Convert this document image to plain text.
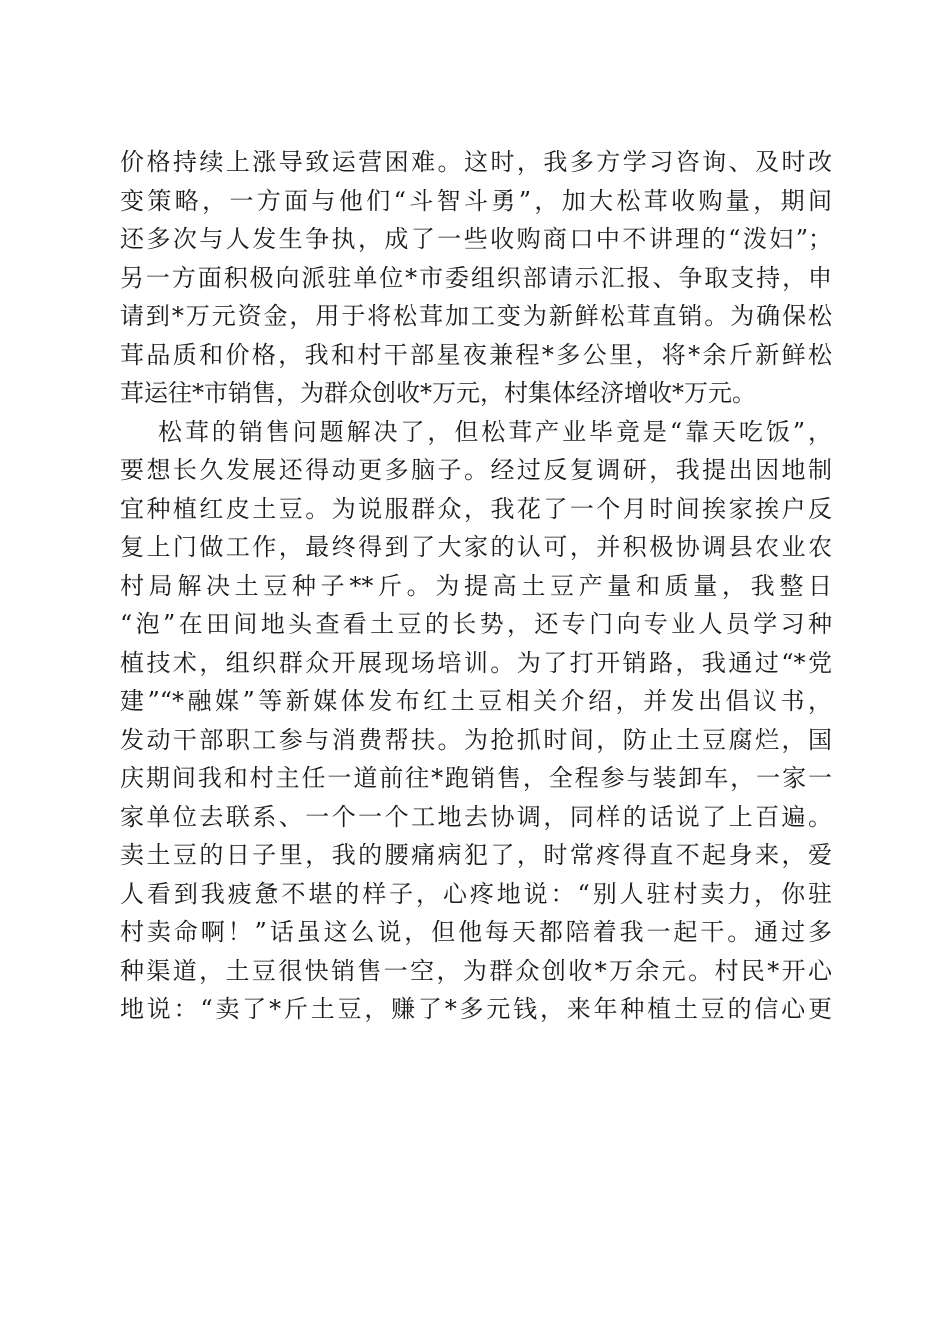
价格持续上涨导致运营困难。这时，我多方学习咨询、及时改
变策略，一方面与他们“斗智斗勇”，加大松茸收购量，期间
还多次与人发生争执，成了一些收购商口中不讲理的“泼妇”；
另一方面积极向派驻单位*市委组织部请示汇报、争取支持，申
请到*万元资金，用于将松茸加工变为新鲜松茸直销。为确保松
茸品质和价格，我和村干部星夜兼程*多公里，将*余斤新鲜松
茸运往*市销售，为群众创收*万元，村集体经济增收*万元。
松茸的销售问题解决了，但松茸产业毕竟是“靠天吃饭”，
要想长久发展还得动更多脑子。经过反复调研，我提出因地制
宜种植红皮土豆。为说服群众，我花了一个月时间挨家挨户反
复上门做工作，最终得到了大家的认可，并积极协调县农业农
村局解决土豆种子**斤。为提高土豆产量和质量，我整日
“泡”在田间地头查看土豆的长势，还专门向专业人员学习种
植技术，组织群众开展现场培训。为了打开销路，我通过“*党
建”“*融媒”等新媒体发布红土豆相关介绍，并发出倡议书，
发动干部职工参与消费帮扶。为抢抓时间，防止土豆腐烂，国
庆期间我和村主任一道前往*跑销售，全程参与装卸车，一家一
家单位去联系、一个一个工地去协调，同样的话说了上百遍。
卖土豆的日子里，我的腰痛病犯了，时常疼得直不起身来，爱
人看到我疲惫不堪的样子，心疼地说：“别人驻村卖力，你驻
村卖命啊！”话虽这么说，但他每天都陪着我一起干。通过多
种渠道，土豆很快销售一空，为群众创收*万余元。村民*开心
地说：“卖了*斤土豆，赚了*多元钱，来年种植土豆的信心更
